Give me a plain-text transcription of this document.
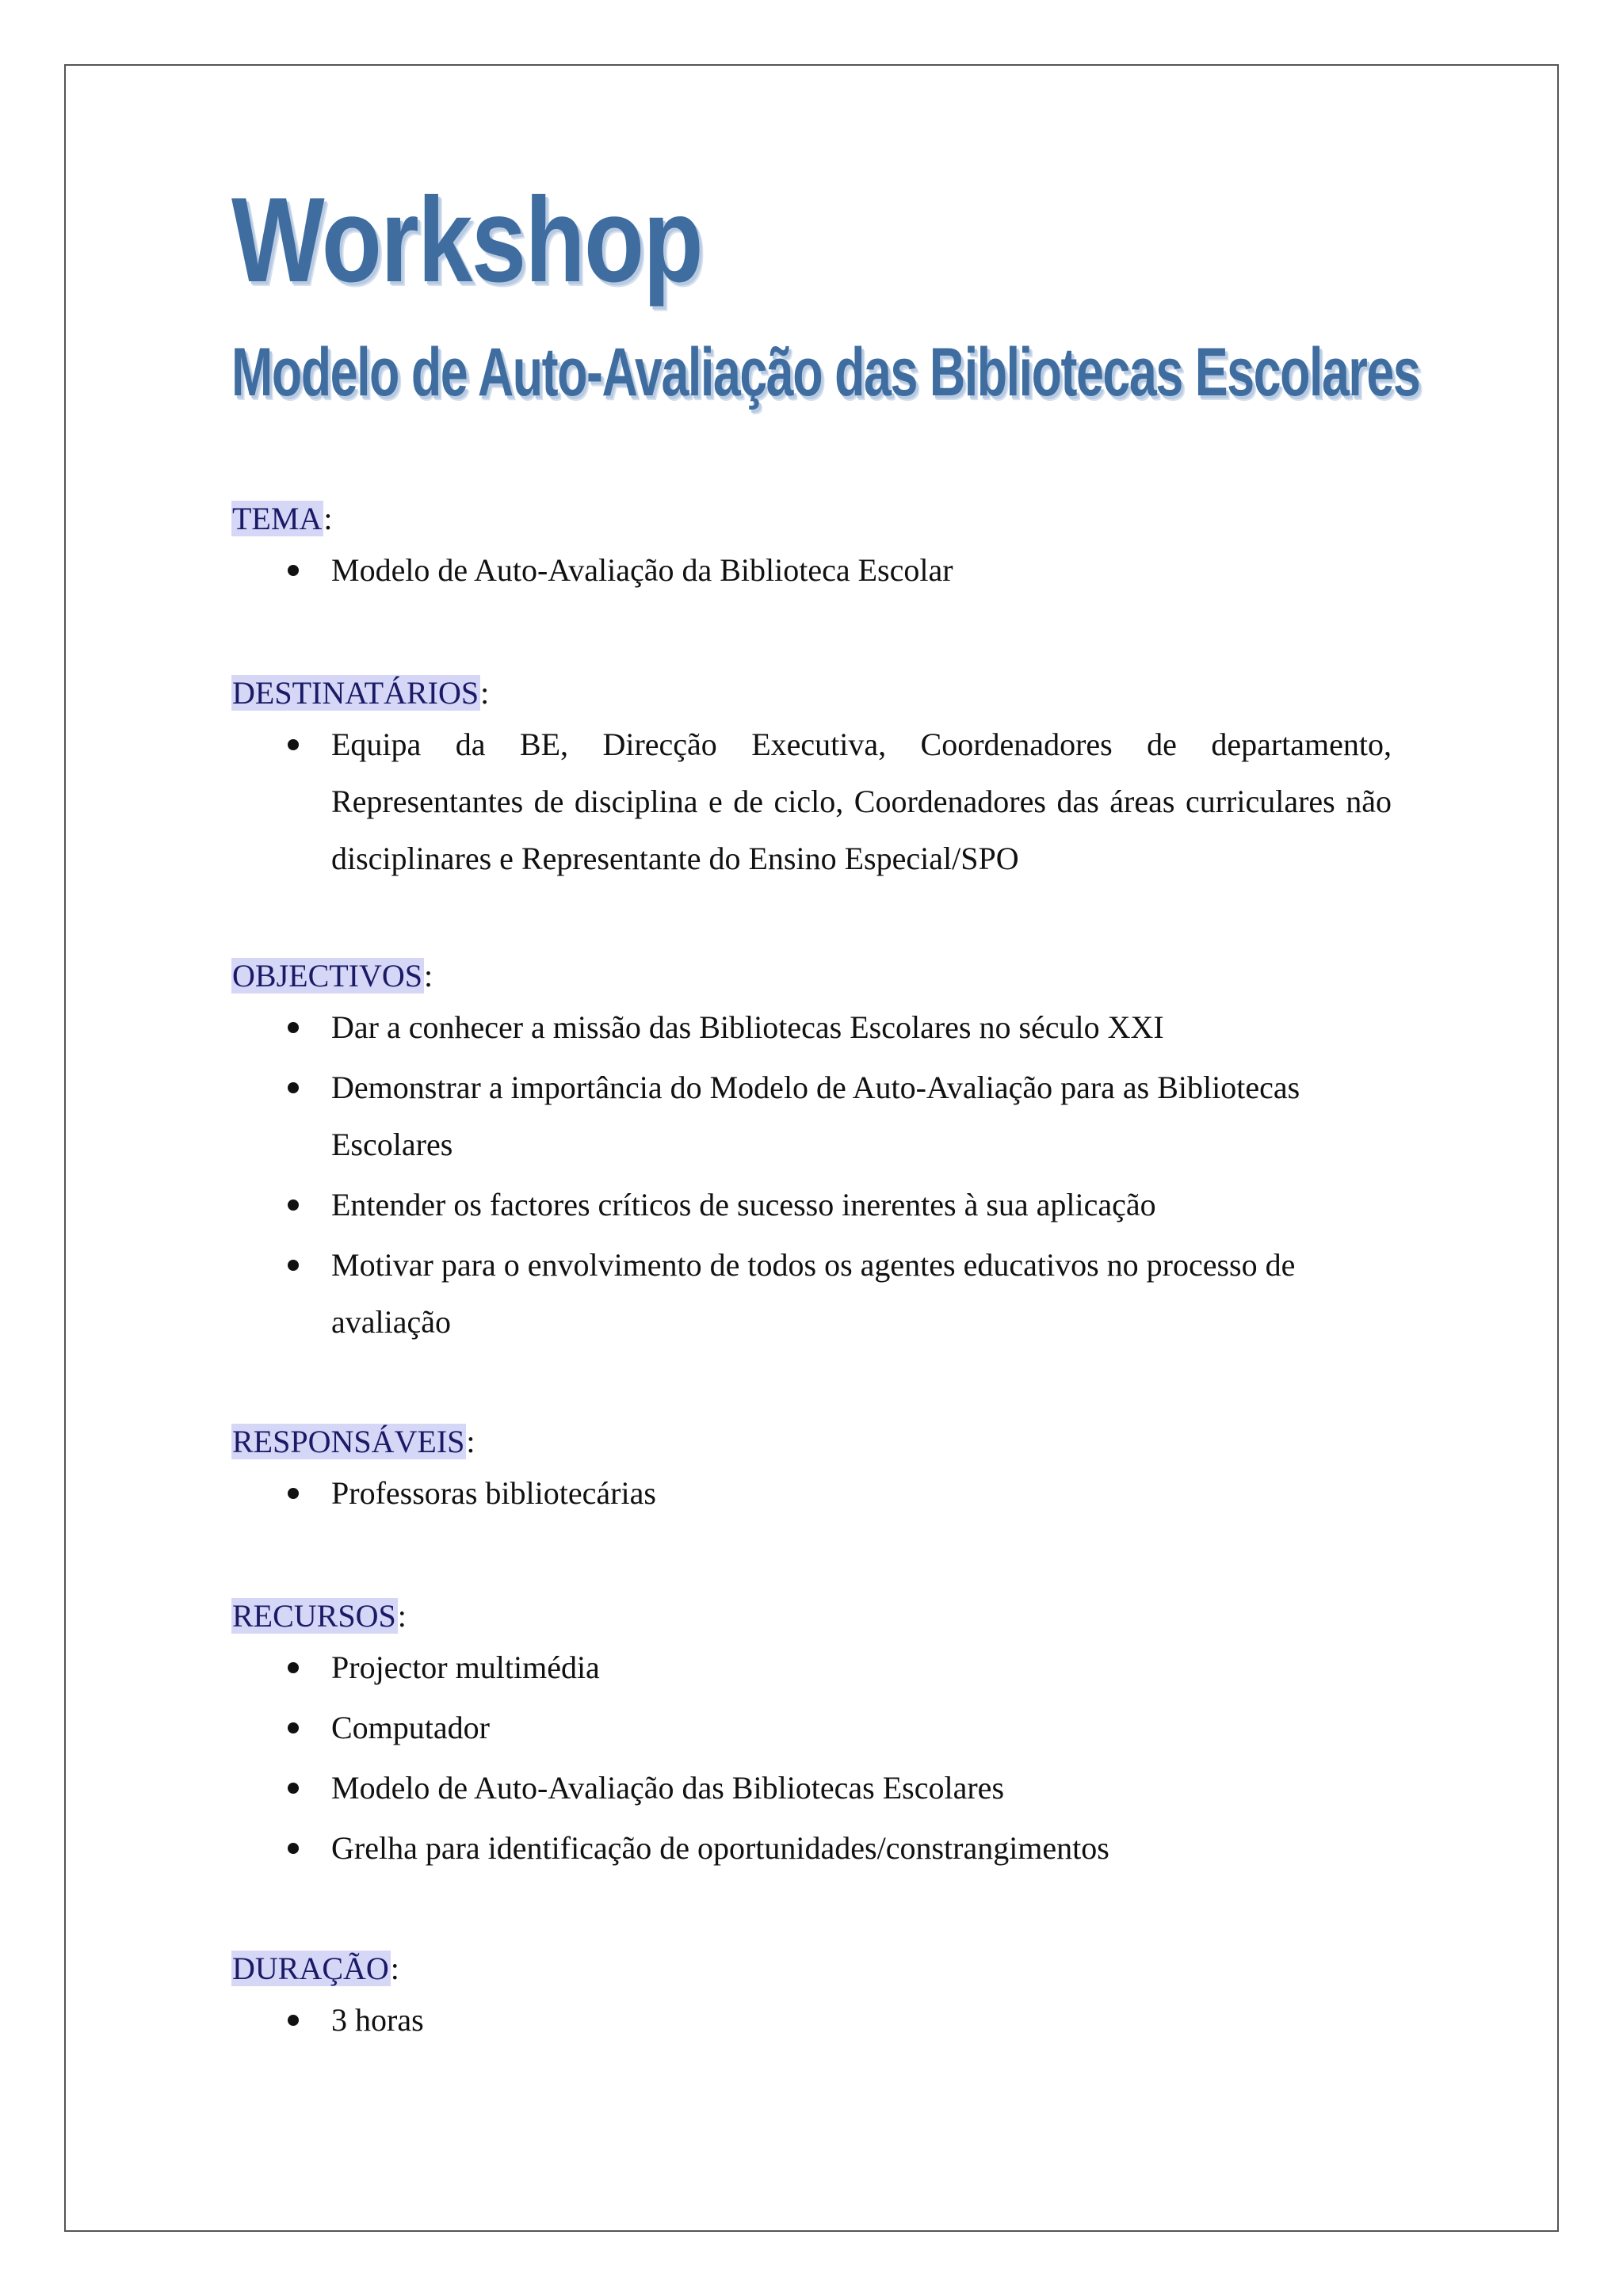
Workshop
Modelo de Auto-Avaliação das Bibliotecas Escolares

TEMA:

Modelo de Auto-Avaliação da Biblioteca Escolar

DESTINATÁRIOS:

Equipa da BE, Direcção Executiva, Coordenadores de departamento, Representantes de disciplina e de ciclo, Coordenadores das áreas curriculares não disciplinares e Representante do Ensino Especial/SPO

OBJECTIVOS:

Dar a conhecer a missão das Bibliotecas Escolares no século XXI
Demonstrar a importância do Modelo de Auto-Avaliação para as Bibliotecas Escolares
Entender os factores críticos de sucesso inerentes à sua aplicação
Motivar para o envolvimento de todos os agentes educativos no processo de avaliação

RESPONSÁVEIS:

Professoras bibliotecárias

RECURSOS:

Projector multimédia
Computador
Modelo de Auto-Avaliação das Bibliotecas Escolares
Grelha para identificação de oportunidades/constrangimentos

DURAÇÃO:

3 horas
